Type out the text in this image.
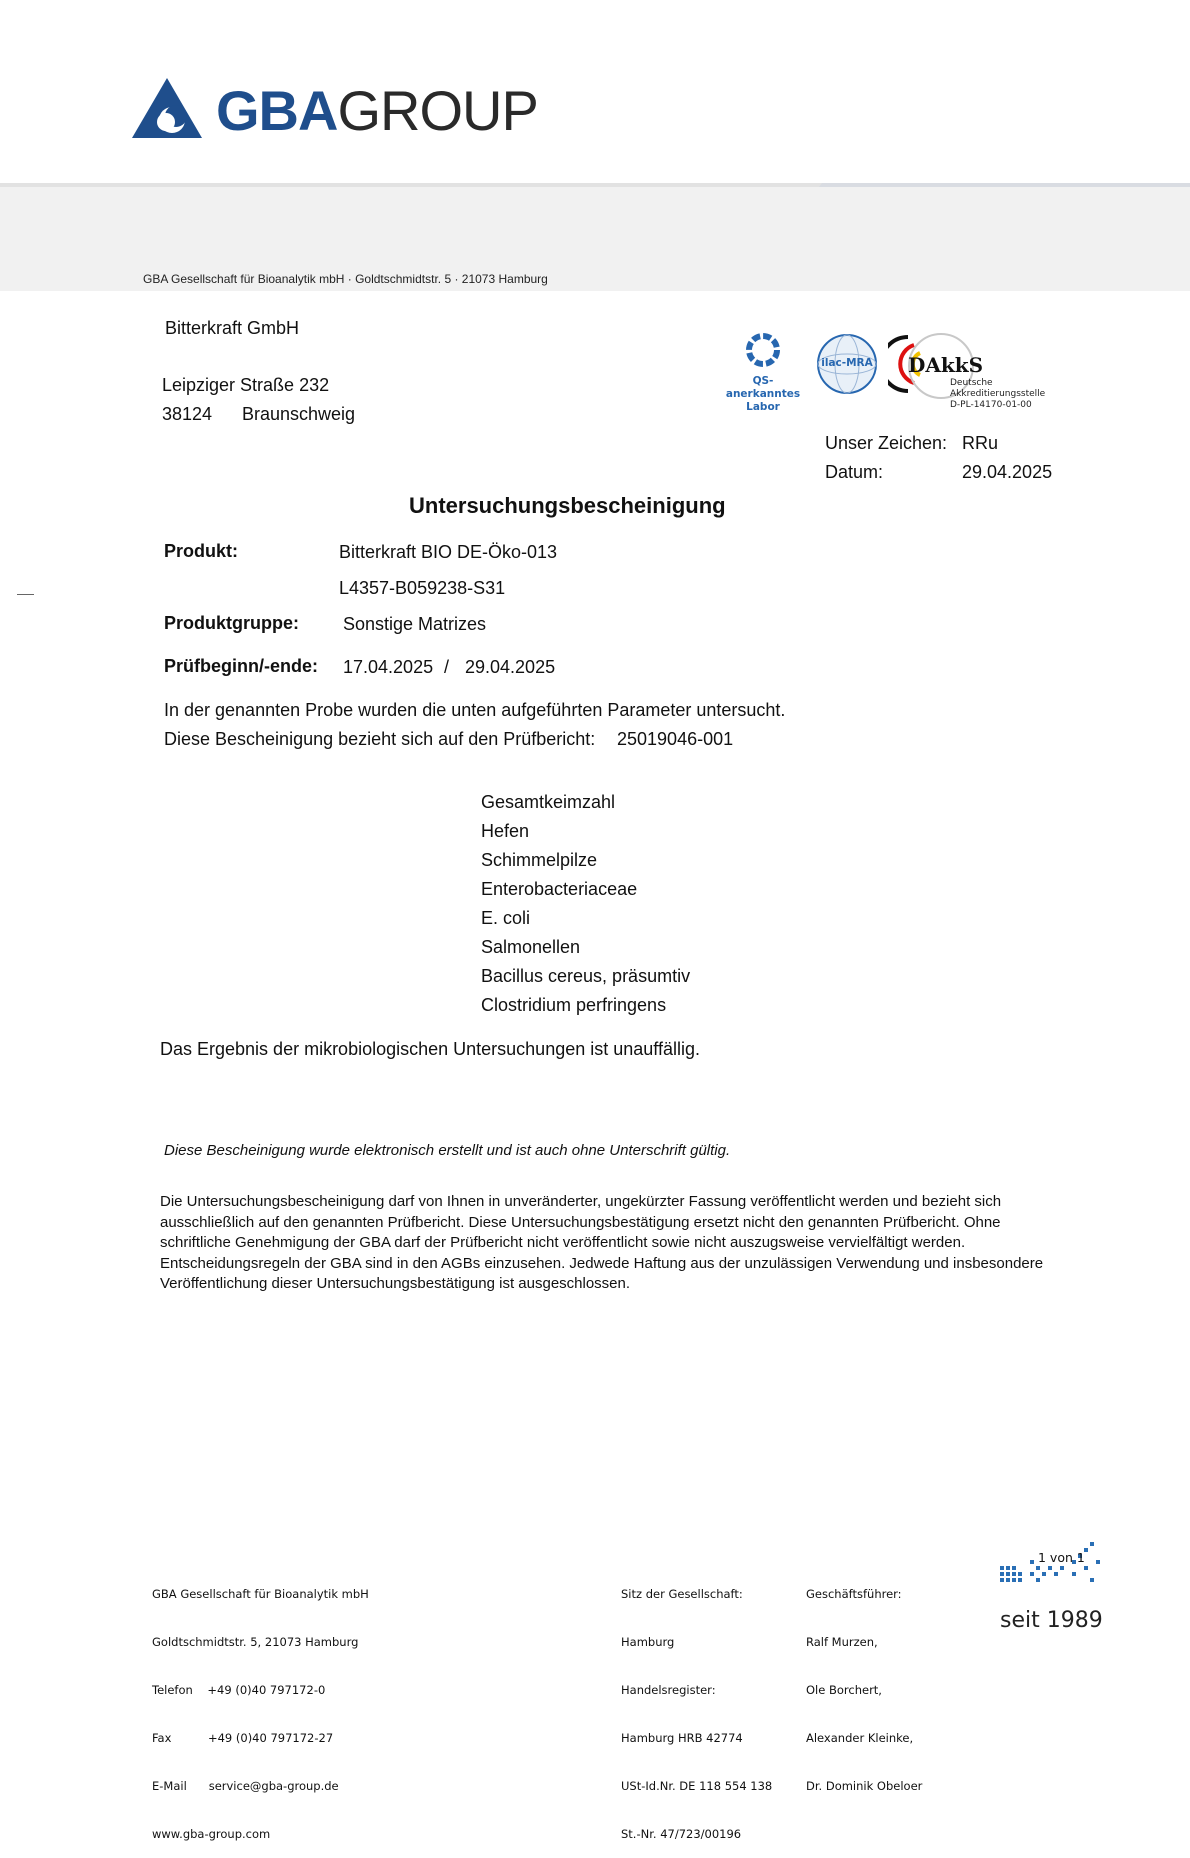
GBAGROUP
GBA Gesellschaft für Bioanalytik mbH · Goldtschmidtstr. 5 · 21073 Hamburg
Bitterkraft GmbH
Leipziger Straße 232
38124 Braunschweig
QS-anerkanntes
Labor
ilac-MRA DAkkS
Deutsche
Akkreditierungsstelle
D-PL-14170-01-00
Unser Zeichen: RRu
Datum:	29.04.2025
Untersuchungsbescheinigung
Produkt:	Bitterkraft BIO DE-Öko-013
L4357-B059238-S31
Produktgruppe: Sonstige Matrizes
Prüfbeginn/-ende: 17.04.2025 / 29.04.2025
In der genannten Probe wurden die unten aufgeführten Parameter untersucht.
Diese Bescheinigung bezieht sich auf den Prüfbericht: 25019046-001
Gesamtkeimzahl
Hefen
Schimmelpilze
Enterobacteriaceae
E. coli
Salmonellen
Bacillus cereus, präsumtiv
Clostridium perfringens
Das Ergebnis der mikrobiologischen Untersuchungen ist unauffällig.
Diese Bescheinigung wurde elektronisch erstellt und ist auch ohne Unterschrift gültig.
Die Untersuchungsbescheinigung darf von Ihnen in unveränderter, ungekürzter Fassung veröffentlicht werden und bezieht sich
ausschließlich auf den genannten Prüfbericht. Diese Untersuchungsbestätigung ersetzt nicht den genannten Prüfbericht. Ohne
schriftliche Genehmigung der GBA darf der Prüfbericht nicht veröffentlicht sowie nicht auszugsweise vervielfältigt werden.
Entscheidungsregeln der GBA sind in den AGBs einzusehen. Jedwede Haftung aus der unzulässigen Verwendung und insbesondere
Veröffentlichung dieser Untersuchungsbestätigung ist ausgeschlossen.

GBA Gesellschaft für Bioanalytik mbH

Goldtschmidtstr. 5, 21073 Hamburg

Telefon    +49 (0)40 797172-0

Fax          +49 (0)40 797172-27

E-Mail      service@gba-group.de

www.gba-group.com

Sitz der Gesellschaft:

Hamburg

Handelsregister:

Hamburg HRB 42774

USt-Id.Nr. DE 118 554 138

St.-Nr. 47/723/00196

Geschäftsführer:

Ralf Murzen,

Ole Borchert,

Alexander Kleinke,

Dr. Dominik Obeloer

1 von 1
seit 1989
